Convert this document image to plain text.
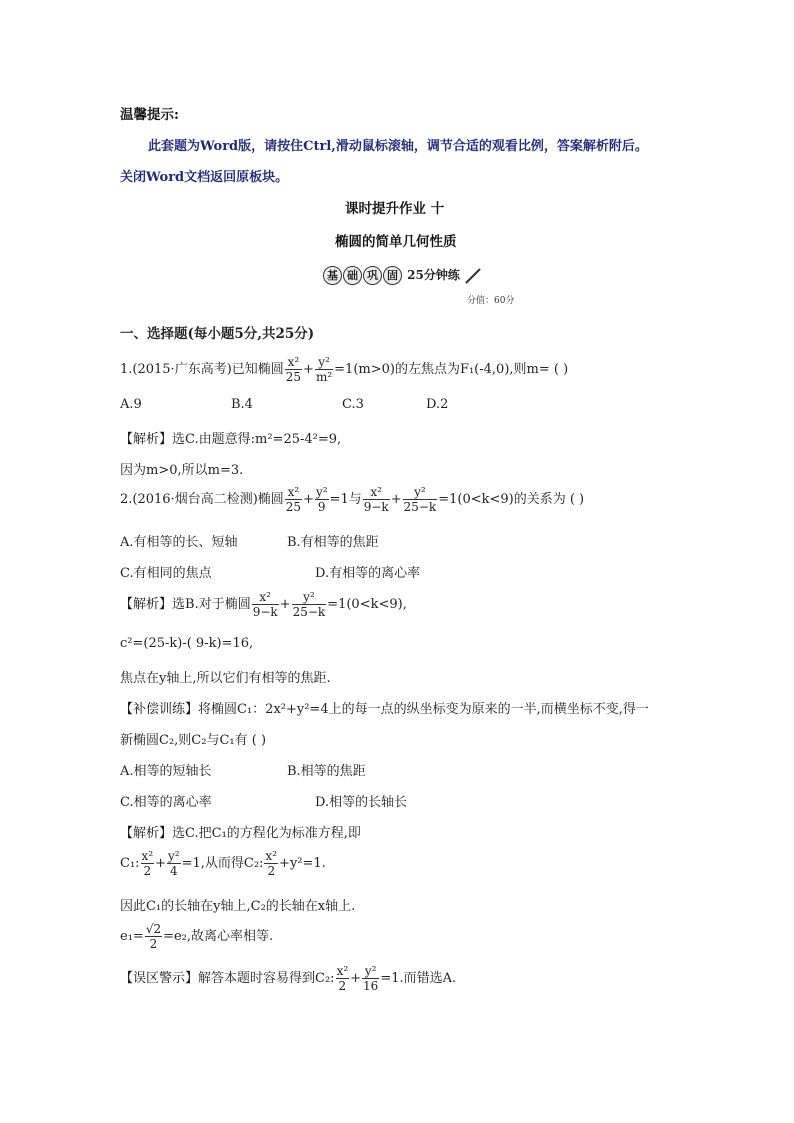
温馨提示:
此套题为Word版，请按住Ctrl,滑动鼠标滚轴，调节合适的观看比例，答案解析附后。
关闭Word文档返回原板块。
课时提升作业 十
椭圆的简单几何性质
基 础 巩 固 25分钟练
分值：60分
一、选择题(每小题5分,共25分)
1.(2015·广东高考)已知椭圆 $\frac{\text{x²}}{25} + \frac{\text{y²}}{\text{m²}} =1(m>0)$的左焦点为F₁(-4,0),则m= ( )
A.9	B.4	C.3	D.2
【解析】选C.由题意得:m²=25-4²=9,
因为m>0,所以m=3.
2.(2016·烟台高二检测)椭圆 $\frac{\text{x²}}{25} + \frac{\text{y²}}{9} =1$与 $\frac{\text{x²}}{9-k} + \frac{\text{y²}}{25-k} =1(0<k<9)$的关系为 ( )
A.有相等的长、短轴	B.有相等的焦距
C.有相同的焦点	D.有相等的离心率
【解析】选B.对于椭圆 $\frac{\text{x²}}{9-k} + \frac{\text{y²}}{25-k} =1(0<k<9)$,
c²=(25-k)-( 9-k)=16,
焦点在y轴上,所以它们有相等的焦距.
【补偿训练】将椭圆C₁：2x²+y²=4上的每一点的纵坐标变为原来的一半,而横坐标不变,得一
新椭圆C₂,则C₂与C₁有 ( )
A.相等的短轴长	B.相等的焦距
C.相等的离心率	D.相等的长轴长
【解析】选C.把C₁的方程化为标准方程,即
C₁: $\frac{\text{x²}}{2} + \frac{\text{y²}}{4} =1$,从而得C₂: $\frac{\text{x²}}{2} +y^2=1$.
因此C₁的长轴在y轴上,C₂的长轴在x轴上.
$e_1= \frac{√2}{2} =e_2$,故离心率相等.
【误区警示】解答本题时容易得到C₂: $\frac{\text{x²}}{2} + \frac{\text{y²}}{16} =1$.而错选A.
